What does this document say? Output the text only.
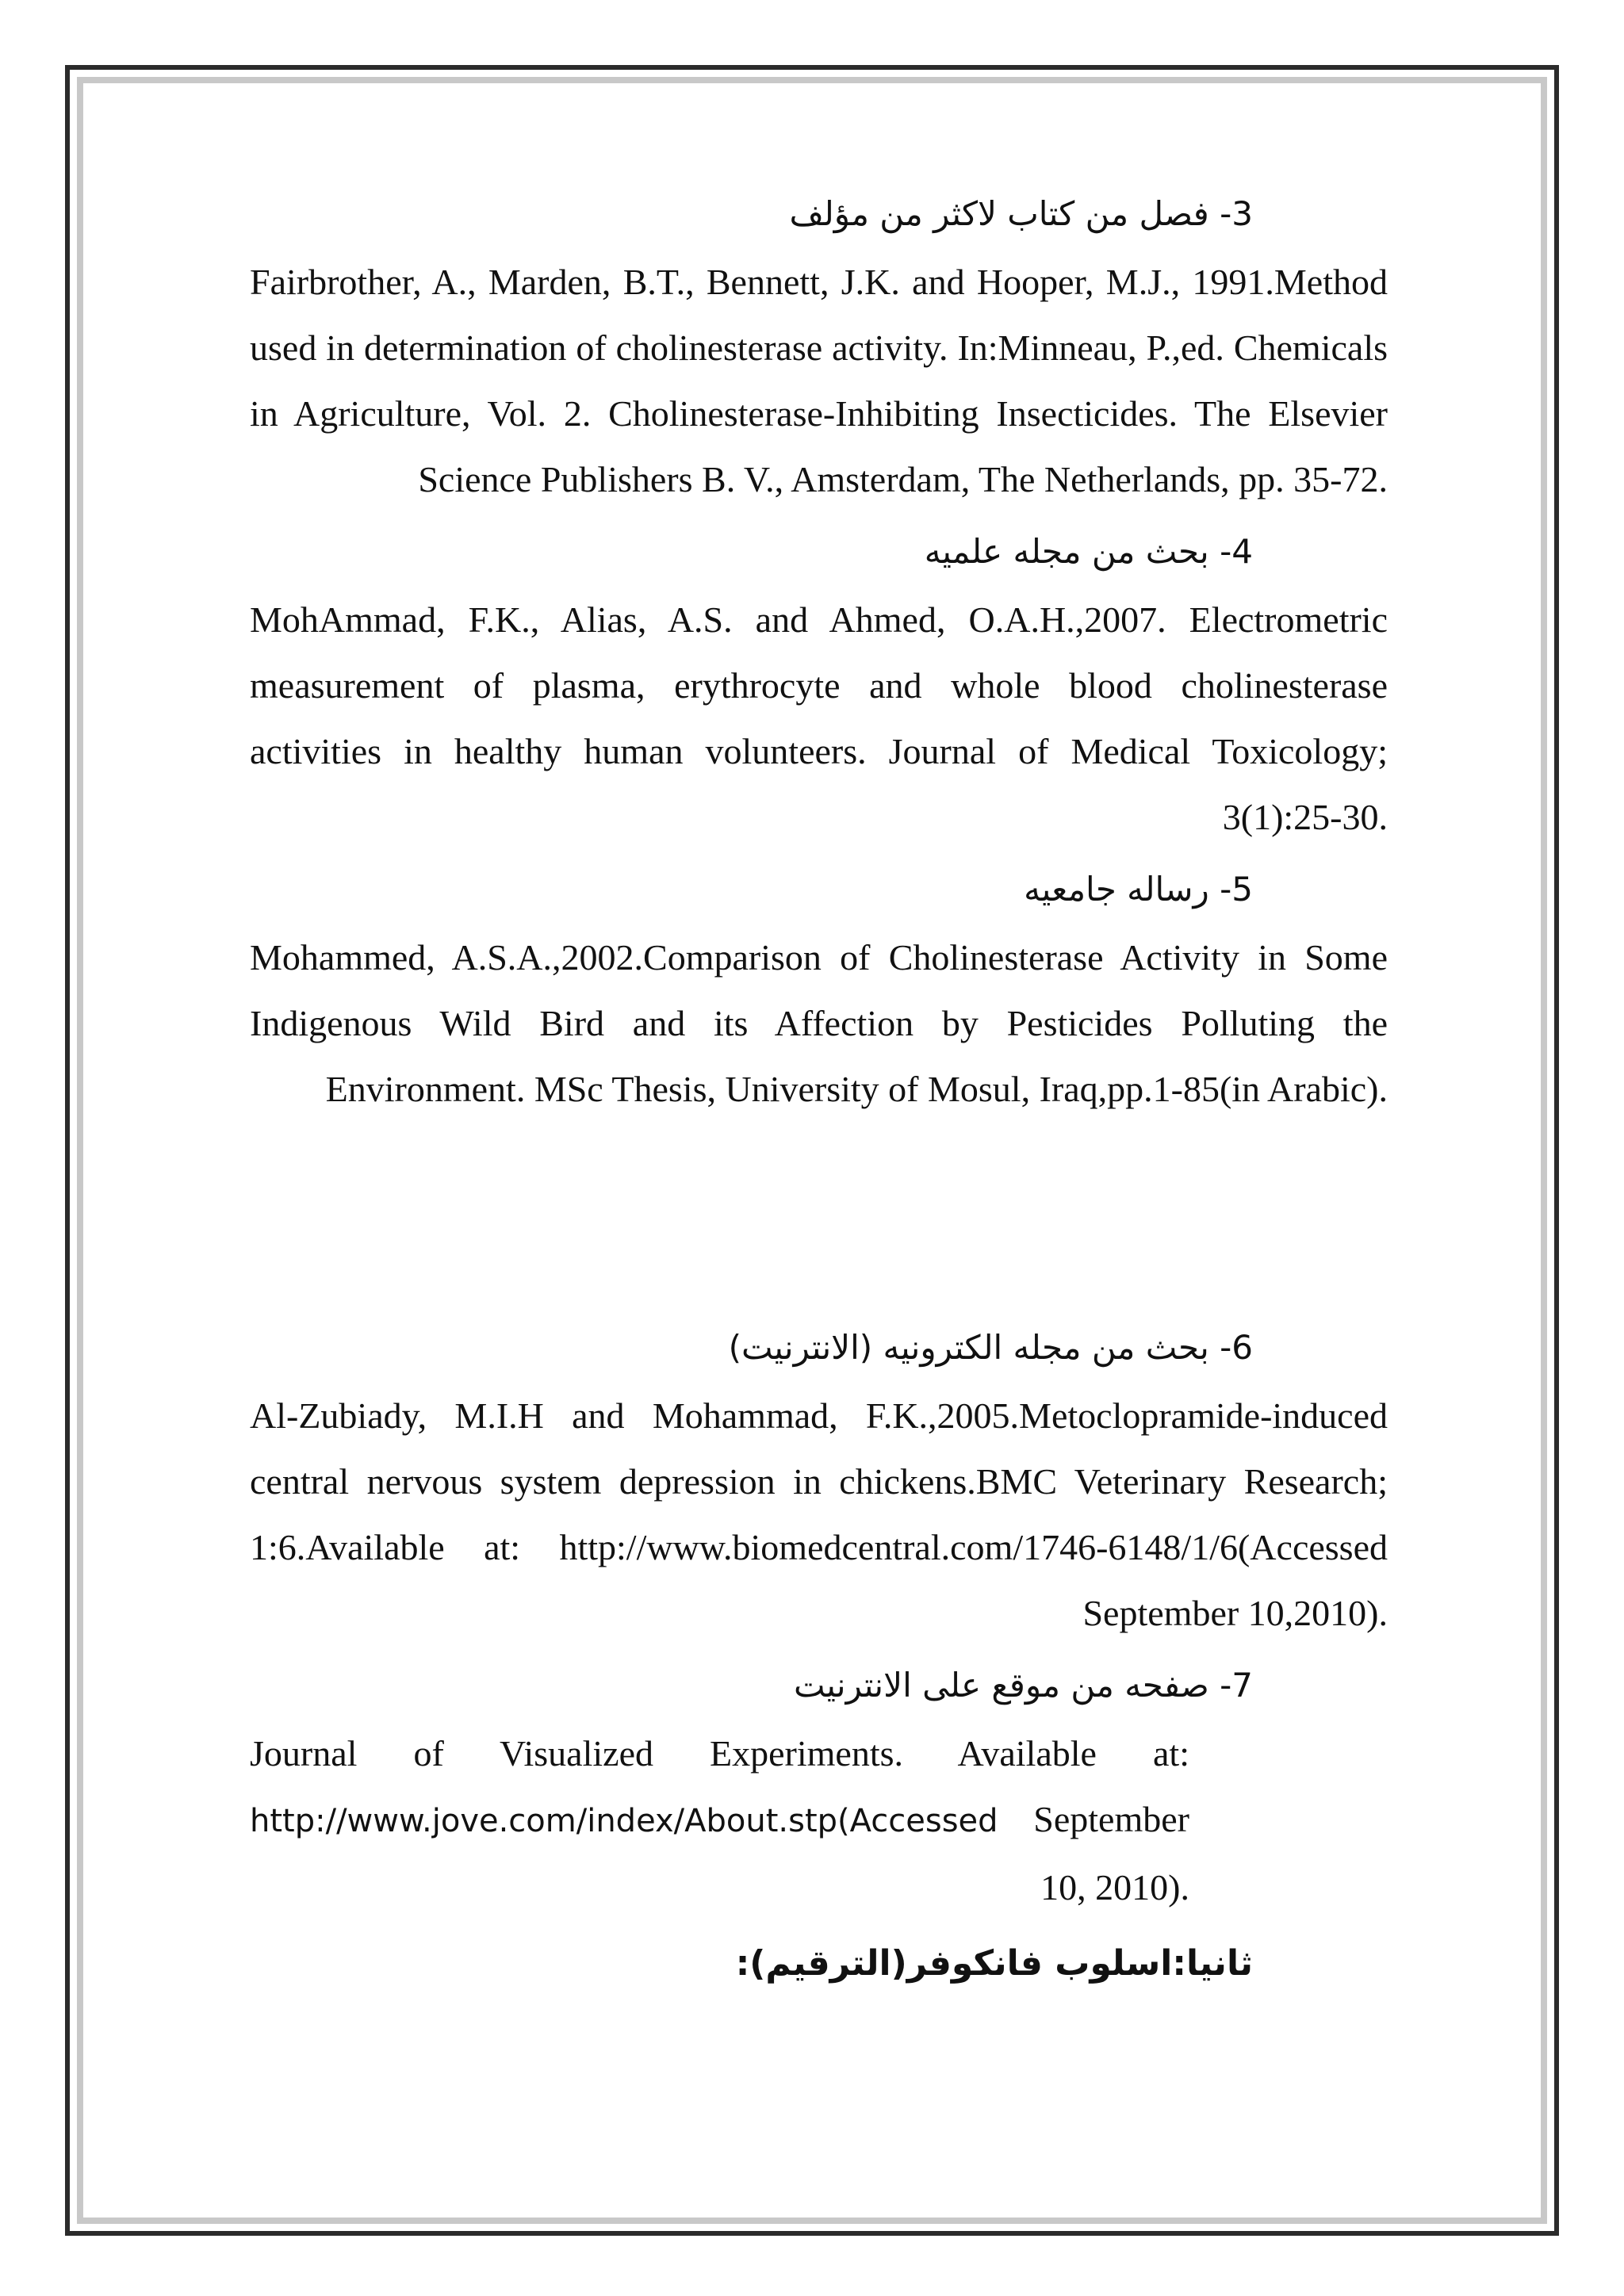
3- فصل من كتاب لاكثر من مؤلف

Fairbrother, A., Marden, B.T., Bennett, J.K. and Hooper, M.J., 1991.Method used in determination of cholinesterase activity. In:Minneau, P.,ed. Chemicals in Agriculture, Vol. 2. Cholinesterase-Inhibiting Insecticides. The Elsevier Science Publishers B. V., Amsterdam, The Netherlands, pp. 35-72.

4- بحث من مجله علميه

MohAmmad, F.K., Alias, A.S. and Ahmed, O.A.H.,2007. Electrometric measurement of plasma, erythrocyte and whole blood cholinesterase activities in healthy human volunteers. Journal of Medical Toxicology; 3(1):25-30.

5- رساله جامعيه

Mohammed, A.S.A.,2002.Comparison of Cholinesterase Activity in Some Indigenous Wild Bird and its Affection by Pesticides Polluting the Environment. MSc Thesis, University of Mosul, Iraq,pp.1-85(in Arabic).

6- بحث من مجله الكترونيه (الانترنيت)

Al-Zubiady, M.I.H and Mohammad, F.K.,2005.Metoclopramide-induced central nervous system depression in chickens.BMC Veterinary Research; 1:6.Available at: http://www.biomedcentral.com/1746-6148/1/6(Accessed September 10,2010).

7- صفحه من موقع على الانترنيت

Journal of Visualized Experiments. Available at: http://www.jove.com/index/About.stp(Accessed September 10, 2010).

ثانيا:اسلوب فانكوفر(الترقيم):
